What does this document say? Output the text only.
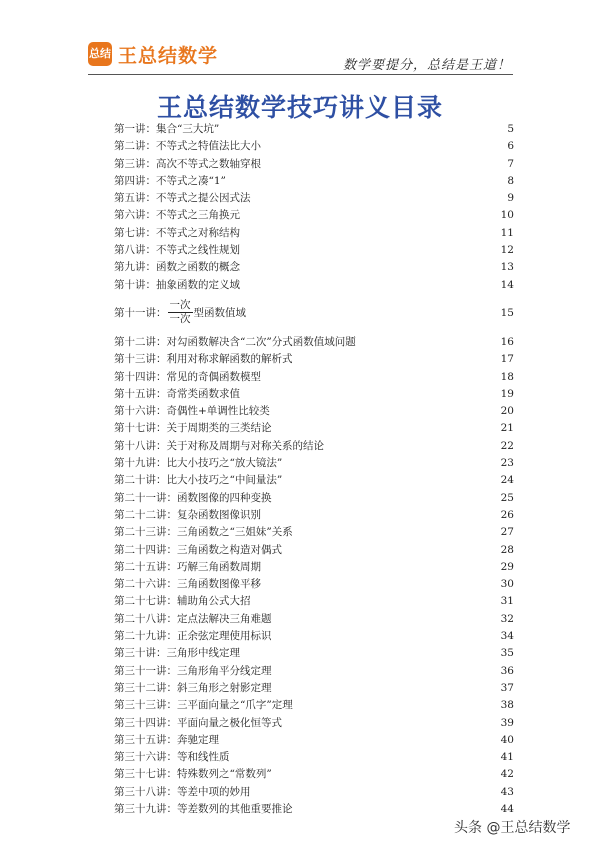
总结 王总结数学	数学要提分，总结是王道！
王总结数学技巧讲义目录
第一讲：集合“三大坑”	5
第二讲：不等式之特值法比大小	6
第三讲：高次不等式之数轴穿根	7
第四讲：不等式之凑“1”	8
第五讲：不等式之提公因式法	9
第六讲：不等式之三角换元	10
第七讲：不等式之对称结构	11
第八讲：不等式之线性规划	12
第九讲：函数之函数的概念	13
第十讲：抽象函数的定义域	14
第十一讲： $\frac{\text{一次}}{\text{一次}}$ 型函数值域	15
第十二讲：对勾函数解决含“二次”分式函数值域问题	16
第十三讲：利用对称求解函数的解析式	17
第十四讲：常见的奇偶函数模型	18
第十五讲：奇常类函数求值	19
第十六讲：奇偶性+单调性比较类	20
第十七讲：关于周期类的三类结论	21
第十八讲：关于对称及周期与对称关系的结论	22
第十九讲：比大小技巧之“放大镜法”	23
第二十讲：比大小技巧之“中间量法”	24
第二十一讲：函数图像的四种变换	25
第二十二讲：复杂函数图像识别	26
第二十三讲：三角函数之“三姐妹”关系	27
第二十四讲：三角函数之构造对偶式	28
第二十五讲：巧解三角函数周期	29
第二十六讲：三角函数图像平移	30
第二十七讲：辅助角公式大招	31
第二十八讲：定点法解决三角难题	32
第二十九讲：正余弦定理使用标识	34
第三十讲：三角形中线定理	35
第三十一讲：三角形角平分线定理	36
第三十二讲：斜三角形之射影定理	37
第三十三讲：三平面向量之“爪字”定理	38
第三十四讲：平面向量之极化恒等式	39
第三十五讲：奔驰定理	40
第三十六讲：等和线性质	41
第三十七讲：特殊数列之“常数列”	42
第三十八讲：等差中项的妙用	43
第三十九讲：等差数列的其他重要推论	44
头条 @王总结数学
